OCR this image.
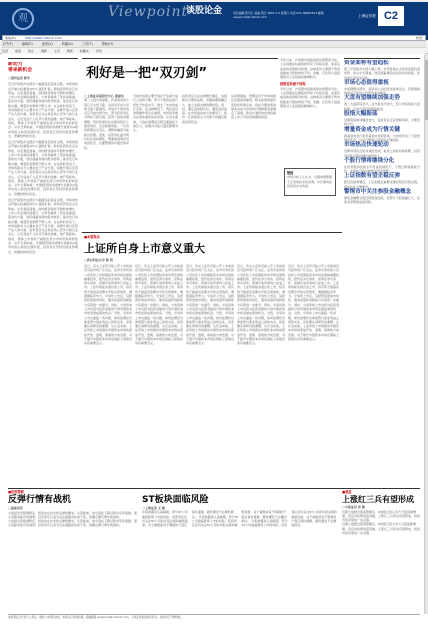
观	Viewpoint
谈股论金	责任编辑 陈可忆 美编 郭红 2007.3.4 星期日 电话 021-38967813 邮箱 viewpoint@cnstock.com	上海证券报 C2
文件(F)	编辑(E)	查看(V)	收藏(A)	工具(T)	帮助(H)
后退 前进 停止 刷新 主页 搜索 收藏夹 历史
地址(D)	http://www.cnstock.com/	转到
新动力
带来新机会
□银河证券 陈华
近日沪深股市在经历大幅震荡后逐步企稳，市场的热点开始从权重股向中小盘股扩散，新的投资机会正在形成。从宏观层面看，国内经济保持平稳较快增长，上市公司业绩持续提升，为市场提供了坚实的基础。流动性方面，居民储蓄持续向股市转移，基金发行持续火爆，增量资金源源不断入市。在这样的背景下，市场的新动力主要来自于产业升级、消费升级以及资产注入等方面。投资者应关注具有核心竞争力的行业龙头，以及受益于人民币升值的金融、地产等板块。同时，整体上市和资产重组也将为市场带来新的机会。从中长期来看，中国经济的持续增长将推动A股市场进入新的发展阶段，投资者应坚持价值投资理念，把握结构性机会。
近日沪深股市在经历大幅震荡后逐步企稳，市场的热点开始从权重股向中小盘股扩散，新的投资机会正在形成。从宏观层面看，国内经济保持平稳较快增长，上市公司业绩持续提升，为市场提供了坚实的基础。流动性方面，居民储蓄持续向股市转移，基金发行持续火爆，增量资金源源不断入市。在这样的背景下，市场的新动力主要来自于产业升级、消费升级以及资产注入等方面。投资者应关注具有核心竞争力的行业龙头，以及受益于人民币升值的金融、地产等板块。同时，整体上市和资产重组也将为市场带来新的机会。从中长期来看，中国经济的持续增长将推动A股市场进入新的发展阶段，投资者应坚持价值投资理念，把握结构性机会。
近日沪深股市在经历大幅震荡后逐步企稳，市场的热点开始从权重股向中小盘股扩散，新的投资机会正在形成。从宏观层面看，国内经济保持平稳较快增长，上市公司业绩持续提升，为市场提供了坚实的基础。流动性方面，居民储蓄持续向股市转移，基金发行持续火爆，增量资金源源不断入市。在这样的背景下，市场的新动力主要来自于产业升级、消费升级以及资产注入等方面。投资者应关注具有核心竞争力的行业龙头，以及受益于人民币升值的金融、地产等板块。同时，整体上市和资产重组也将为市场带来新的机会。从中长期来看，中国经济的持续增长将推动A股市场进入新的发展阶段，投资者应坚持价值投资理念，把握结构性机会。
利好是一把“双刃剑”
□上海证券报研究中心 姜春生
周二大盘出现深跌，沪深两市的个股几乎全线下跌，这是近年来少见的全面下跌情况。市场对于利好的反应开始出现分化，部分投资者认为利好已经兑现，获利了结的意愿增强。利好政策往往在推动股价上涨的同时，也会积累风险，一旦市场预期发生变化，调整的幅度可能超出预期。因此，投资者在面对利好时应保持理性，既要看到利好带来的机会，也要警惕其中蕴含的风险。
当前市场的主要矛盾在于估值与成长之间的平衡。部分个股的估值已经处于较高水平，透支了未来的成长空间。在这种情况下，利好消息的刺激作用正在减弱，市场更多地关注基本面的实际改善。从技术面看，大盘在前期高点附近面临较大的压力，短期内可能以震荡整理为主。
投资者应关注业绩增长确定、估值相对合理的品种，回避前期涨幅过大、缺乏业绩支撑的题材股。同时，要注意控制仓位，避免盲目追高。在市场波动加大的情况下，保持一定的现金头寸有助于把握后续的投资机会。
从政策面看，管理层对于市场的稳定发展高度重视，相关政策将保持连续性和稳定性。股权分置改革的基本完成为市场的长期健康发展奠定了基础，新会计准则的实施将提高上市公司信息披露的质量。
今年以来，沪深两市指数表现出现明显分化。上证指数在权重股的带动下持续走强，而深证成指的表现相对较弱。这种差异主要源于两市指数成分股结构的不同，金融、石化等大盘蓝筹股对上证指数的影响较大。
指数差异源于结构
今年以来，沪深两市指数表现出现明显分化。上证指数在权重股的带动下持续走强，而深证成指的表现相对较弱。这种差异主要源于两市指数成分股结构的不同，金融、石化等大盘蓝筹股对上证指数的影响较大。
链接
市场分析人士认为，近期的调整属于正常的技术性回调，中长期向好的趋势并未改变。
■本版观点
上证所自身上市意义重大
□武汉科技大学 陈 明
近日，有关上证所可能公开上市的消息引起市场广泛关注。证券交易所的公司化和上市是国际资本市场发展的重要趋势，纽约证券交易所、伦敦证券交易所、香港交易所等均已完成上市。上证所如能实现自身上市，将有利于提高其治理水平和运营效率，增强国际竞争力。交易所上市后，其经营将更加市场化，服务质量和创新能力有望进一步提升。同时，交易所的上市也将为投资者提供分享中国资本市场发展成果的机会。当然，交易所上市也面临一些问题，如何处理好自律监管与商业利益之间的关系，是需要认真研究的课题。从长远来看，上证所的上市将推动中国资本市场向更加开放、透明、高效的方向发展，对于提升中国资本市场在国际上的地位具有重要意义。
近日，有关上证所可能公开上市的消息引起市场广泛关注。证券交易所的公司化和上市是国际资本市场发展的重要趋势，纽约证券交易所、伦敦证券交易所、香港交易所等均已完成上市。上证所如能实现自身上市，将有利于提高其治理水平和运营效率，增强国际竞争力。交易所上市后，其经营将更加市场化，服务质量和创新能力有望进一步提升。同时，交易所的上市也将为投资者提供分享中国资本市场发展成果的机会。当然，交易所上市也面临一些问题，如何处理好自律监管与商业利益之间的关系，是需要认真研究的课题。从长远来看，上证所的上市将推动中国资本市场向更加开放、透明、高效的方向发展，对于提升中国资本市场在国际上的地位具有重要意义。
近日，有关上证所可能公开上市的消息引起市场广泛关注。证券交易所的公司化和上市是国际资本市场发展的重要趋势，纽约证券交易所、伦敦证券交易所、香港交易所等均已完成上市。上证所如能实现自身上市，将有利于提高其治理水平和运营效率，增强国际竞争力。交易所上市后，其经营将更加市场化，服务质量和创新能力有望进一步提升。同时，交易所的上市也将为投资者提供分享中国资本市场发展成果的机会。当然，交易所上市也面临一些问题，如何处理好自律监管与商业利益之间的关系，是需要认真研究的课题。从长远来看，上证所的上市将推动中国资本市场向更加开放、透明、高效的方向发展，对于提升中国资本市场在国际上的地位具有重要意义。
近日，有关上证所可能公开上市的消息引起市场广泛关注。证券交易所的公司化和上市是国际资本市场发展的重要趋势，纽约证券交易所、伦敦证券交易所、香港交易所等均已完成上市。上证所如能实现自身上市，将有利于提高其治理水平和运营效率，增强国际竞争力。交易所上市后，其经营将更加市场化，服务质量和创新能力有望进一步提升。同时，交易所的上市也将为投资者提供分享中国资本市场发展成果的机会。当然，交易所上市也面临一些问题，如何处理好自律监管与商业利益之间的关系，是需要认真研究的课题。从长远来看，上证所的上市将推动中国资本市场向更加开放、透明、高效的方向发展，对于提升中国资本市场在国际上的地位具有重要意义。
近日，有关上证所可能公开上市的消息引起市场广泛关注。证券交易所的公司化和上市是国际资本市场发展的重要趋势，纽约证券交易所、伦敦证券交易所、香港交易所等均已完成上市。上证所如能实现自身上市，将有利于提高其治理水平和运营效率，增强国际竞争力。交易所上市后，其经营将更加市场化，服务质量和创新能力有望进一步提升。同时，交易所的上市也将为投资者提供分享中国资本市场发展成果的机会。当然，交易所上市也面临一些问题，如何处理好自律监管与商业利益之间的关系，是需要认真研究的课题。从长远来看，上证所的上市将推动中国资本市场向更加开放、透明、高效的方向发展，对于提升中国资本市场在国际上的地位具有重要意义。
资金面将有望趋松
周三沪深股市出现大幅下挫，市场普遍认为是资金面趋紧所致。但从中长期看，居民储蓄搬家的趋势仍将延续，资金面有望逐步趋松。
市场心态值得重视
市场调整过程中，投资者心态的变化值得关注，恐慌情绪的蔓延可能放大市场的波动幅度。
大盘有望继续加强走势
周二大盘探底回升，成交量有所放大，显示市场承接力量较强，后市有望延续强势格局。
股指大幅振荡
近期股指波动幅度加大，投资者应注意控制风险，合理安排仓位。
增量资金成为行情关键
新基金的发行和老基金的持续营销，为市场带来了大量的增量资金，这是行情得以延续的关键因素。
市场热点快速轮动
近期市场热点轮动速度加快，板块之间的切换频繁，投资者追涨杀跌的操作难度加大。
个股行情将继续分化
在市场整体估值水平较高的情况下，个股行情将继续分化，业绩优良的品种更受资金青睐。
上证指数有望企稳反弹
经过连续调整后，上证指数在重要支撑位附近有望企稳，短线存在反弹要求。
警惕市中关注参股金融概念
参股金融概念股近期表现活跃，但部分个股涨幅已大，投资者需警惕追高风险。
■投资策略
反弹行情有战机
□国泰君安
大盘经过连续调整后，短线存在技术性反弹的要求。从量能看，成交量在下跌过程中有所萎缩，显示杀跌动能有所减弱。投资者可以适当关注超跌的优质个股，把握反弹行情中的战机。
大盘经过连续调整后，短线存在技术性反弹的要求。从量能看，成交量在下跌过程中有所萎缩，显示杀跌动能有所减弱。投资者可以适当关注超跌的优质个股，把握反弹行情中的战机。
ST板块面临风险
□上海证券 王 刚
年报披露进入高峰期，部分ST公司面临暂停上市的风险。投资者应密切关注ST公司的年报业绩和重组进展，对于重组前景不明朗的个股应保持谨慎，避免遭受不必要的损失。 年报披露进入高峰期，部分ST公司面临暂停上市的风险。投资者应密切关注ST公司的年报业绩和重组进展，对于重组前景不明朗的个股应保持谨慎，避免遭受不必要的损失。 年报披露进入高峰期，部分ST公司面临暂停上市的风险。投资者应密切关注ST公司的年报业绩和重组进展，对于重组前景不明朗的个股应保持谨慎，避免遭受不必要的损失。
■看盘
上涨红三兵有望形成
□中原证券 张 刚
近期大盘经过震荡整理后，K线组合显示多方力量逐渐增强，若后市能够放量突破，上涨红三兵形态有望形成，短线市场有望进一步走强。
近期大盘经过震荡整理后，K线组合显示多方力量逐渐增强，若后市能够放量突破，上涨红三兵形态有望形成，短线市场有望进一步走强。
本版观点仅代表个人观点，据此入市风险自担。本版文章欢迎投稿，投稿邮箱 viewpoint@cnstock.com，上海证券报社版权所有，未经许可不得转载。
